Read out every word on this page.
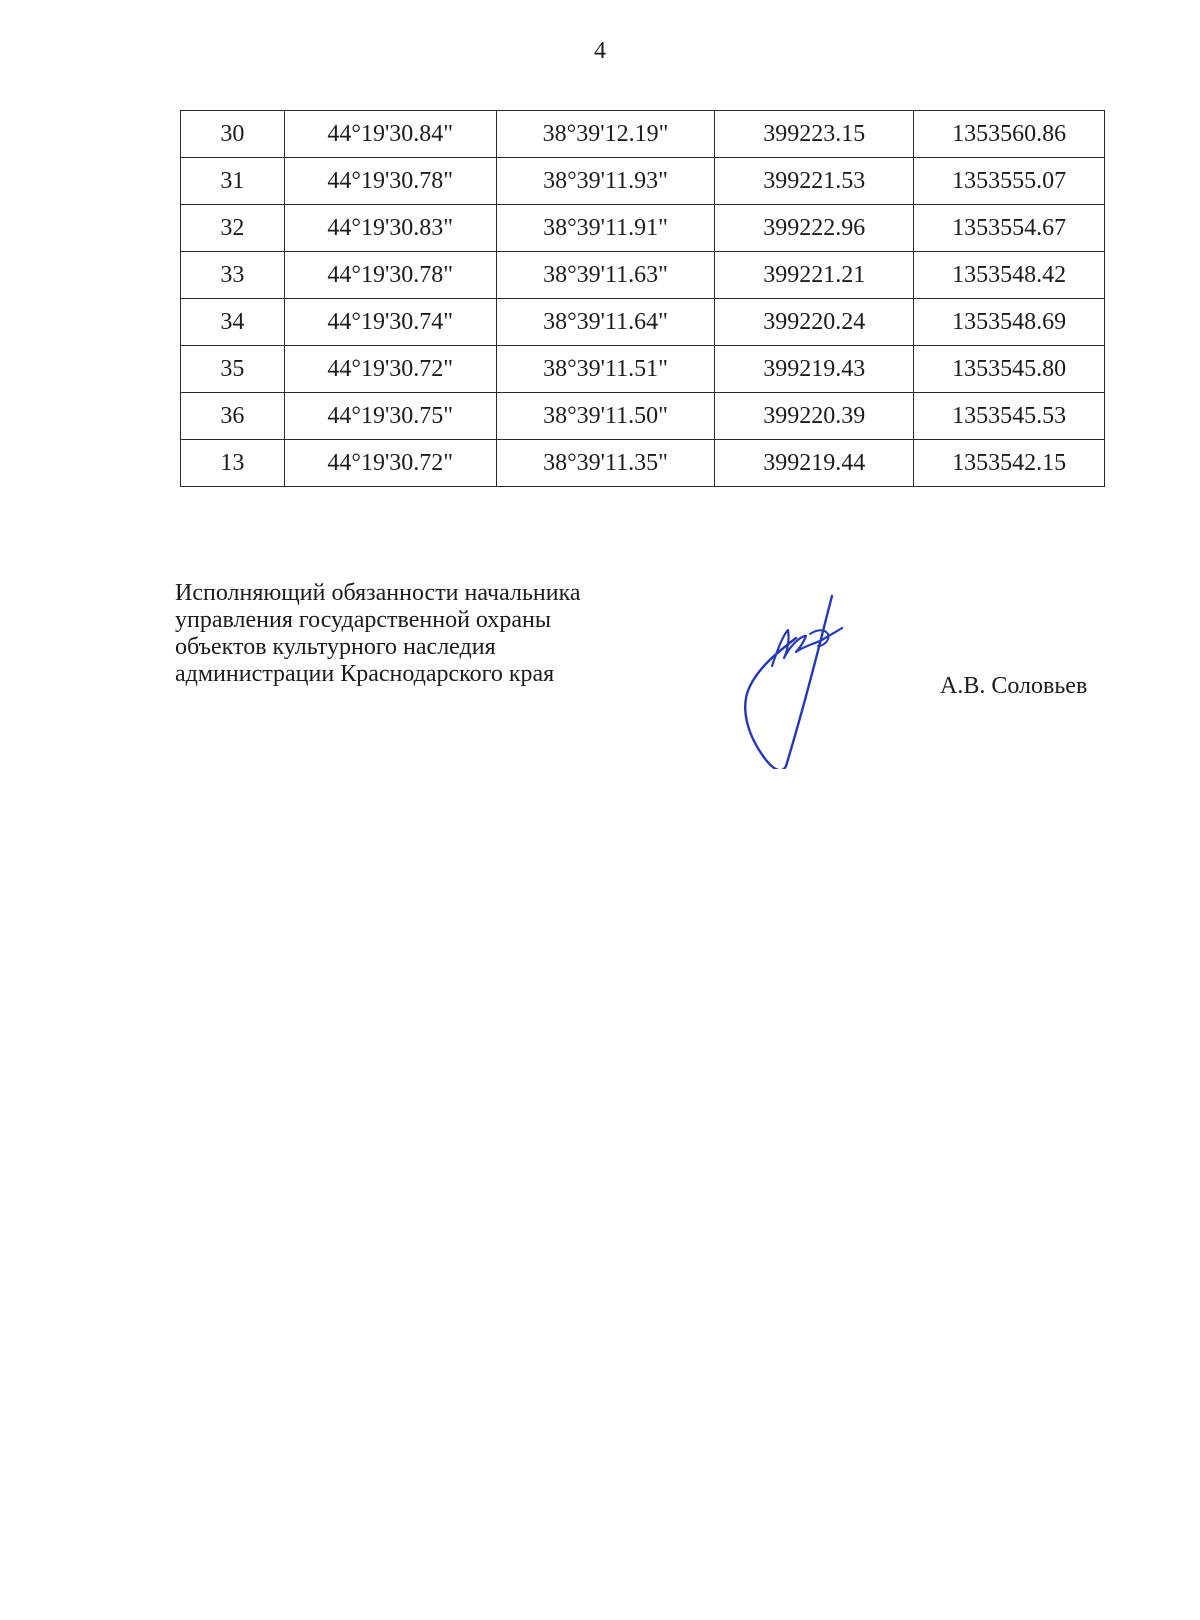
4
30	44°19'30.84"	38°39'12.19"	399223.15	1353560.86
31	44°19'30.78"	38°39'11.93"	399221.53	1353555.07
32	44°19'30.83"	38°39'11.91"	399222.96	1353554.67
33	44°19'30.78"	38°39'11.63"	399221.21	1353548.42
34	44°19'30.74"	38°39'11.64"	399220.24	1353548.69
35	44°19'30.72"	38°39'11.51"	399219.43	1353545.80
36	44°19'30.75"	38°39'11.50"	399220.39	1353545.53
13	44°19'30.72"	38°39'11.35"	399219.44	1353542.15
Исполняющий обязанности начальника
управления государственной охраны
объектов культурного наследия
администрации Краснодарского края	А.В. Соловьев
